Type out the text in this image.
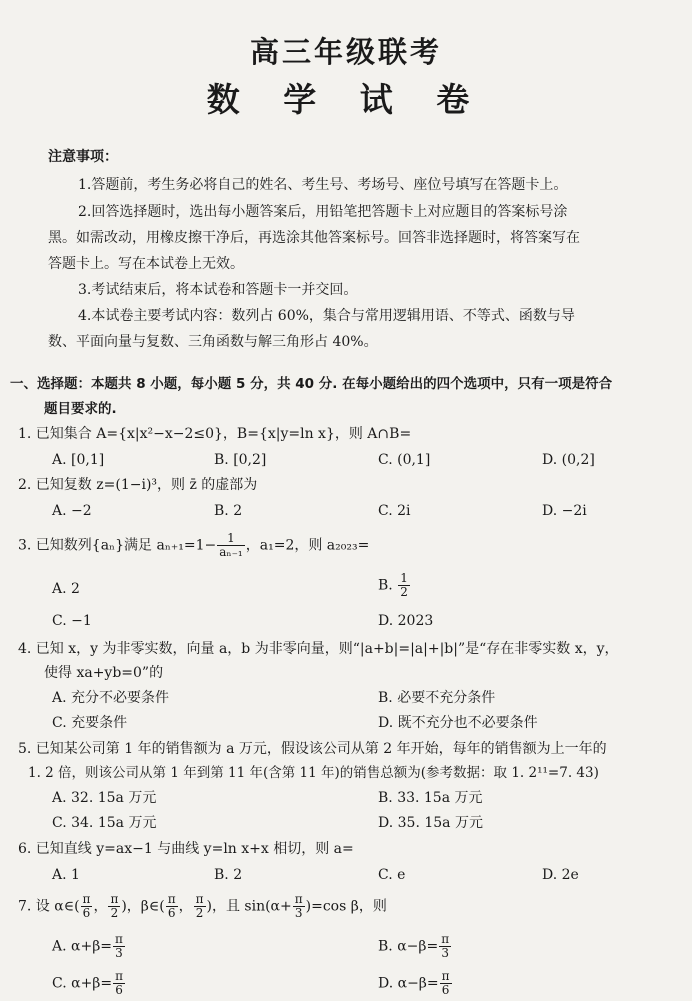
高三年级联考
数 学 试 卷
注意事项：
1.答题前，考生务必将自己的姓名、考生号、考场号、座位号填写在答题卡上。
2.回答选择题时，选出每小题答案后，用铅笔把答题卡上对应题目的答案标号涂
黑。如需改动，用橡皮擦干净后，再选涂其他答案标号。回答非选择题时，将答案写在
答题卡上。写在本试卷上无效。
3.考试结束后，将本试卷和答题卡一并交回。
4.本试卷主要考试内容：数列占 60%，集合与常用逻辑用语、不等式、函数与导
数、平面向量与复数、三角函数与解三角形占 40%。
一、选择题：本题共 8 小题，每小题 5 分，共 40 分. 在每小题给出的四个选项中，只有一项是符合
题目要求的.
1. 已知集合 A={x|x²−x−2≤0}，B={x|y=ln x}，则 A∩B=
A. [0,1]	B. [0,2]	C. (0,1]	D. (0,2]
2. 已知复数 z=(1−i)³，则 z̄ 的虚部为
A. −2	B. 2	C. 2i	D. −2i
3. 已知数列{aₙ}满足 $a_{n+1}=1- \frac{1}{\text{aₙ₋₁}}$ ，a₁=2，则 a₂₀₂₃=
A. 2	B. $\frac{1}{2}$
C. −1	D. 2023
4. 已知 x，y 为非零实数，向量 a，b 为非零向量，则“|a+b|=|a|+|b|”是“存在非零实数 x，y，
使得 xa+yb=0”的
A. 充分不必要条件	B. 必要不充分条件
C. 充要条件	D. 既不充分也不必要条件
5. 已知某公司第 1 年的销售额为 a 万元，假设该公司从第 2 年开始，每年的销售额为上一年的
1. 2 倍，则该公司从第 1 年到第 11 年(含第 11 年)的销售总额为(参考数据：取 1. 2¹¹=7. 43)
A. 32. 15a 万元	B. 33. 15a 万元
C. 34. 15a 万元	D. 35. 15a 万元
6. 已知直线 y=ax−1 与曲线 y=ln x+x 相切，则 a=
A. 1	B. 2	C. e	D. 2e
7. 设 α∈( $\frac{\pi}{6}$ ， $\frac{\pi}{2}$ )，β∈( $\frac{\pi}{6}$ ， $\frac{\pi}{2}$ )，且 $\sin(\alpha+ \frac{\pi}{3} )=\cos$ β，则
A. $\alpha+\beta= \frac{\pi}{3}$	B. $\alpha-\beta= \frac{\pi}{3}$
C. $\alpha+\beta= \frac{\pi}{6}$	D. $\alpha-\beta= \frac{\pi}{6}$
